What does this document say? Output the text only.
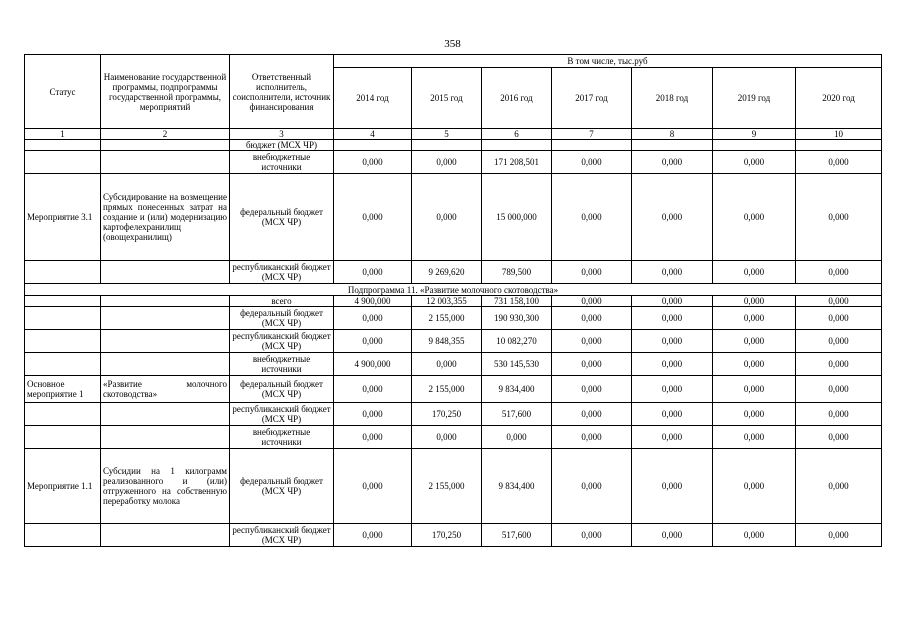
358
Статус	Наименование государственной программы, подпрограммы государственной программы, мероприятий	Ответственный исполнитель, соисполнители, источник финансирования	В том числе, тыс.руб						
			2014 год	2015 год	2016 год	2017 год	2018 год	2019 год	2020 год
1	2	3	4	5	6	7	8	9	10
		бюджет (МСХ ЧР)							
		внебюджетные источники	0,000	0,000	171 208,501	0,000	0,000	0,000	0,000
Мероприятие 3.1	Субсидирование на возмещение прямых понесенных затрат на создание и (или) модернизацию картофелехранилищ (овощехранилищ)	федеральный бюджет (МСХ ЧР)	0,000	0,000	15 000,000	0,000	0,000	0,000	0,000
		республиканский бюджет (МСХ ЧР)	0,000	9 269,620	789,500	0,000	0,000	0,000	0,000
Подпрограмма 11. «Развитие молочного скотоводства»									
		всего	4 900,000	12 003,355	731 158,100	0,000	0,000	0,000	0,000
		федеральный бюджет (МСХ ЧР)	0,000	2 155,000	190 930,300	0,000	0,000	0,000	0,000
		республиканский бюджет (МСХ ЧР)	0,000	9 848,355	10 082,270	0,000	0,000	0,000	0,000
		внебюджетные источники	4 900,000	0,000	530 145,530	0,000	0,000	0,000	0,000
Основное мероприятие 1	«Развитие молочного скотоводства»	федеральный бюджет (МСХ ЧР)	0,000	2 155,000	9 834,400	0,000	0,000	0,000	0,000
		республиканский бюджет (МСХ ЧР)	0,000	170,250	517,600	0,000	0,000	0,000	0,000
		внебюджетные источники	0,000	0,000	0,000	0,000	0,000	0,000	0,000
Мероприятие 1.1	Субсидии на 1 килограмм реализованного и (или) отгруженного на собственную переработку молока	федеральный бюджет (МСХ ЧР)	0,000	2 155,000	9 834,400	0,000	0,000	0,000	0,000
		республиканский бюджет (МСХ ЧР)	0,000	170,250	517,600	0,000	0,000	0,000	0,000
